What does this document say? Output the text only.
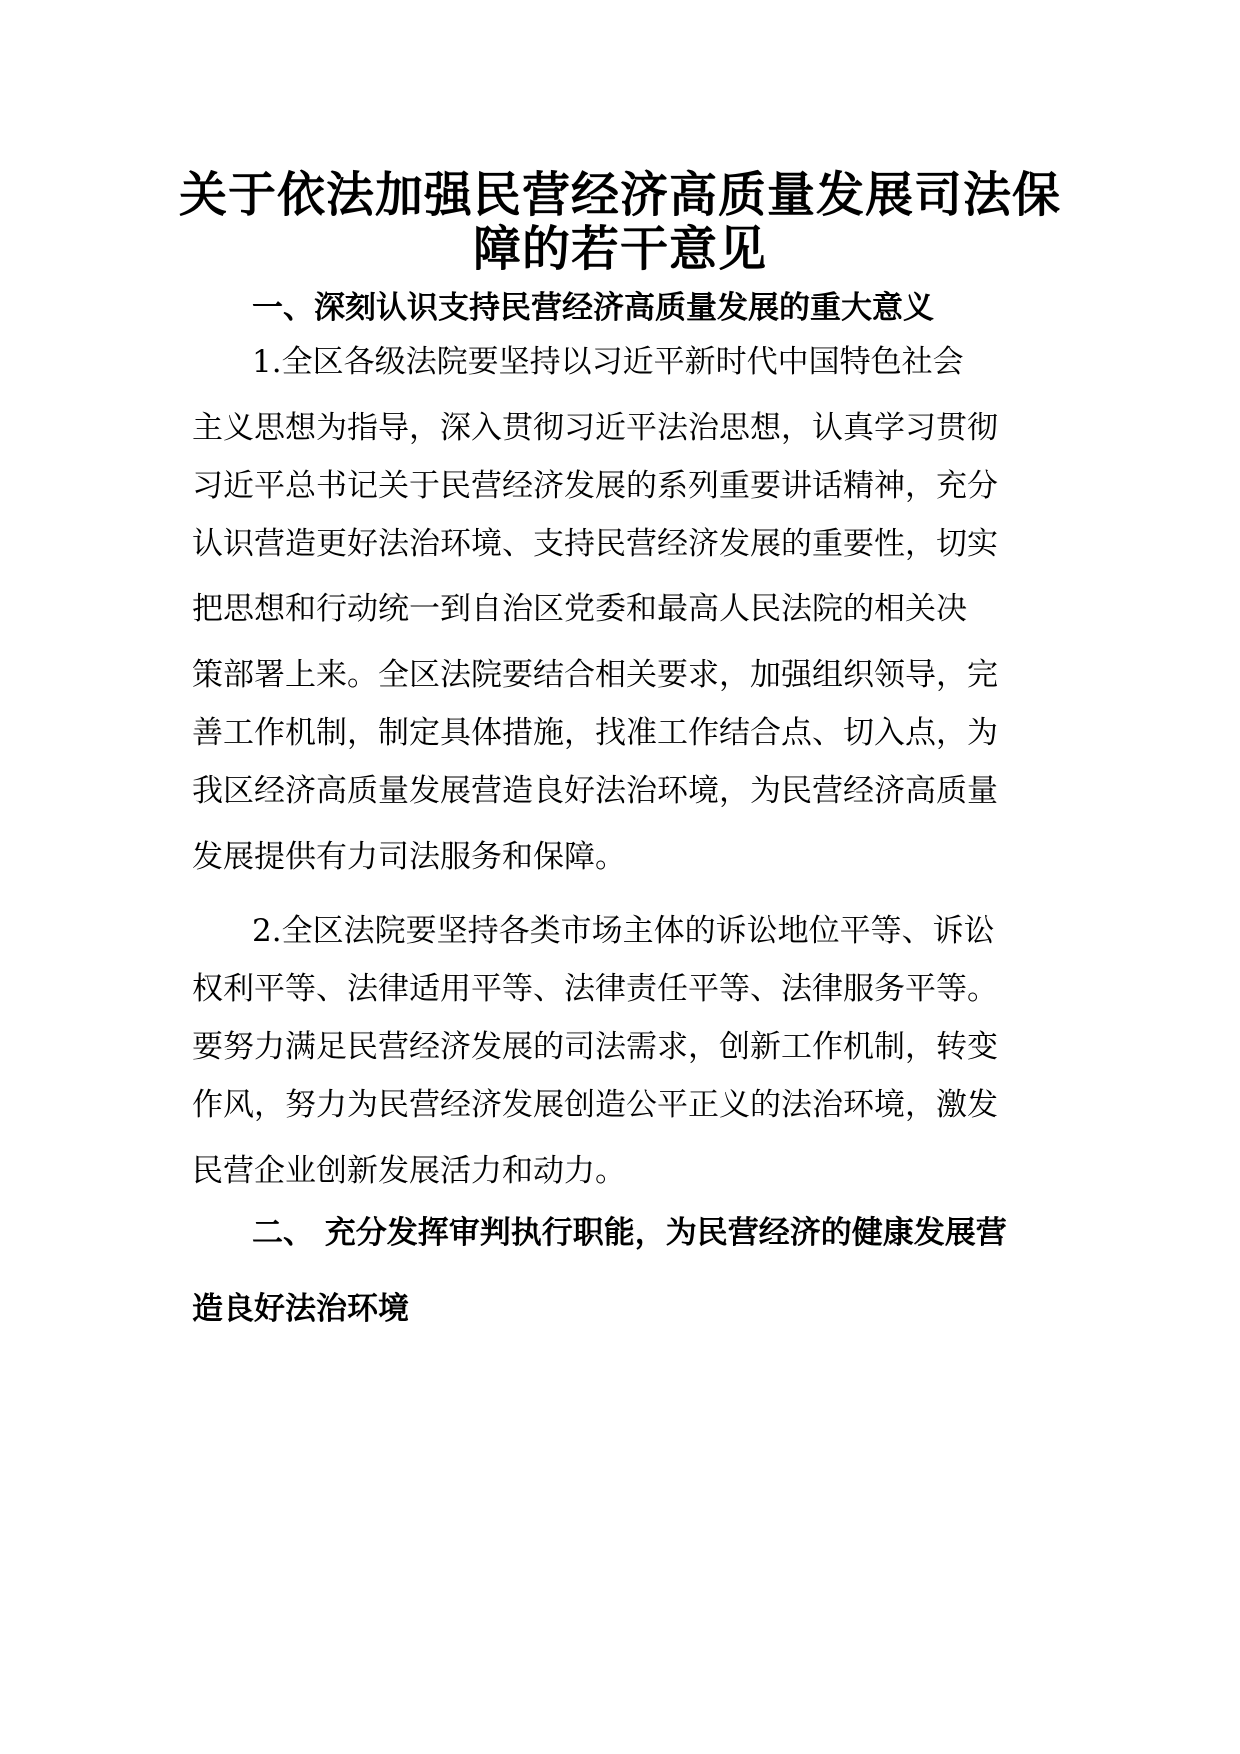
关于依法加强民营经济高质量发展司法保
障的若干意见
一、深刻认识支持民营经济高质量发展的重大意义
1.全区各级法院要坚持以习近平新时代中国特色社会
主义思想为指导，深入贯彻习近平法治思想，认真学习贯彻
习近平总书记关于民营经济发展的系列重要讲话精神，充分
认识营造更好法治环境、支持民营经济发展的重要性，切实
把思想和行动统一到自治区党委和最高人民法院的相关决
策部署上来。全区法院要结合相关要求，加强组织领导，完
善工作机制，制定具体措施，找准工作结合点、切入点，为
我区经济高质量发展营造良好法治环境，为民营经济高质量
发展提供有力司法服务和保障。
2.全区法院要坚持各类市场主体的诉讼地位平等、诉讼
权利平等、法律适用平等、法律责任平等、法律服务平等。
要努力满足民营经济发展的司法需求，创新工作机制，转变
作风，努力为民营经济发展创造公平正义的法治环境，激发
民营企业创新发展活力和动力。
二、 充分发挥审判执行职能，为民营经济的健康发展营
造良好法治环境
